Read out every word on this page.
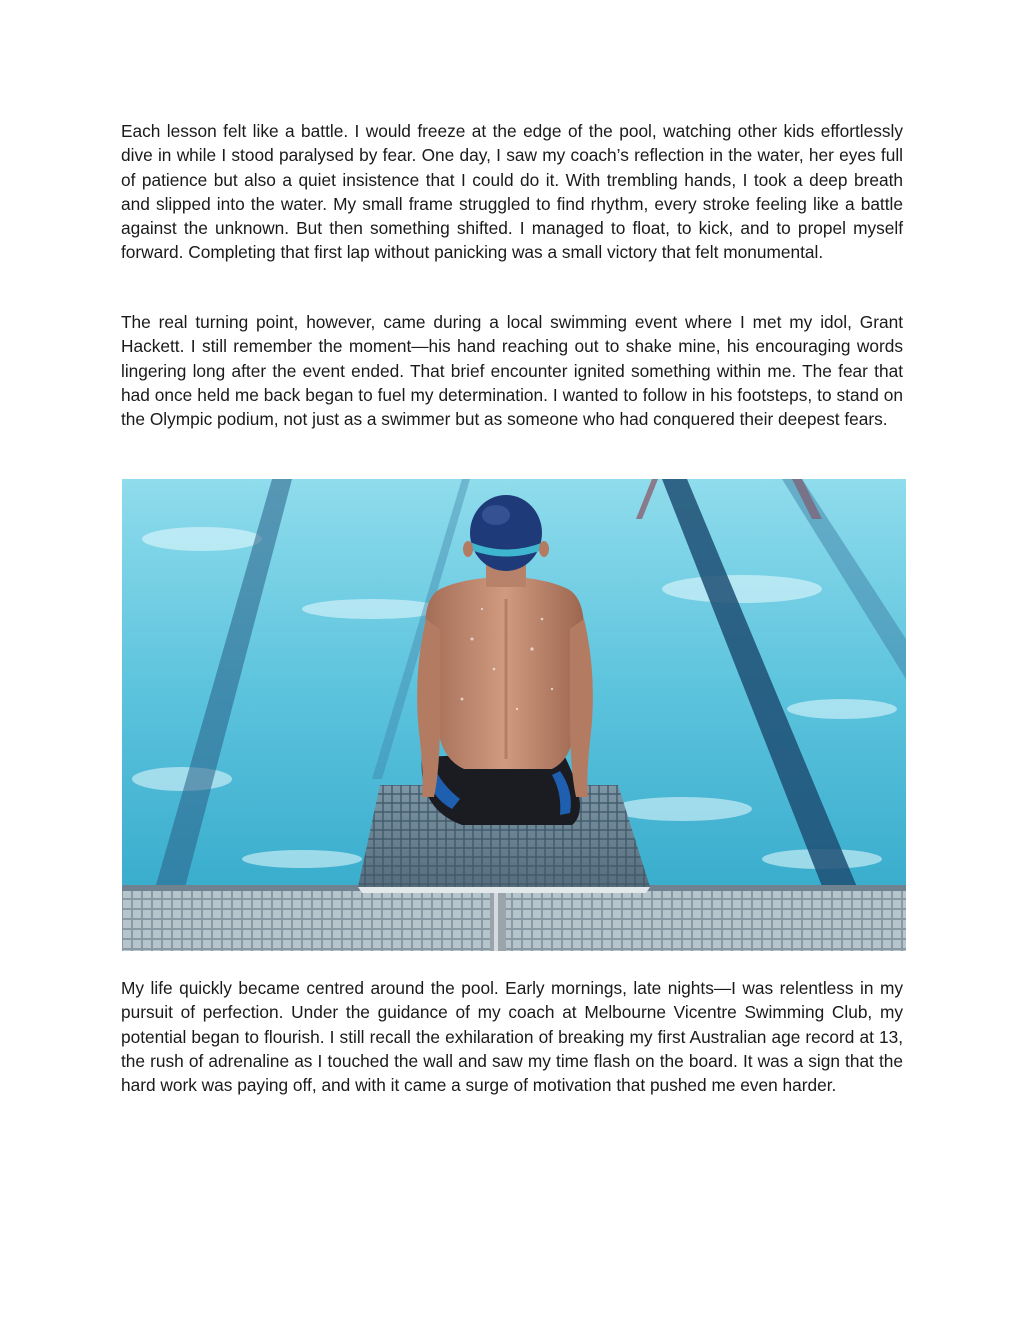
Each lesson felt like a battle. I would freeze at the edge of the pool, watching other kids effortlessly dive in while I stood paralysed by fear. One day, I saw my coach’s reflection in the water, her eyes full of patience but also a quiet insistence that I could do it. With trembling hands, I took a deep breath and slipped into the water. My small frame struggled to find rhythm, every stroke feeling like a battle against the unknown. But then something shifted. I managed to float, to kick, and to propel myself forward. Completing that first lap without panicking was a small victory that felt monumental.

The real turning point, however, came during a local swimming event where I met my idol, Grant Hackett. I still remember the moment—his hand reaching out to shake mine, his encouraging words lingering long after the event ended. That brief encounter ignited something within me. The fear that had once held me back began to fuel my determination. I wanted to follow in his footsteps, to stand on the Olympic podium, not just as a swimmer but as someone who had conquered their deepest fears.

My life quickly became centred around the pool. Early mornings, late nights—I was relentless in my pursuit of perfection. Under the guidance of my coach at Melbourne Vicentre Swimming Club, my potential began to flourish. I still recall the exhilaration of breaking my first Australian age record at 13, the rush of adrenaline as I touched the wall and saw my time flash on the board. It was a sign that the hard work was paying off, and with it came a surge of motivation that pushed me even harder.
